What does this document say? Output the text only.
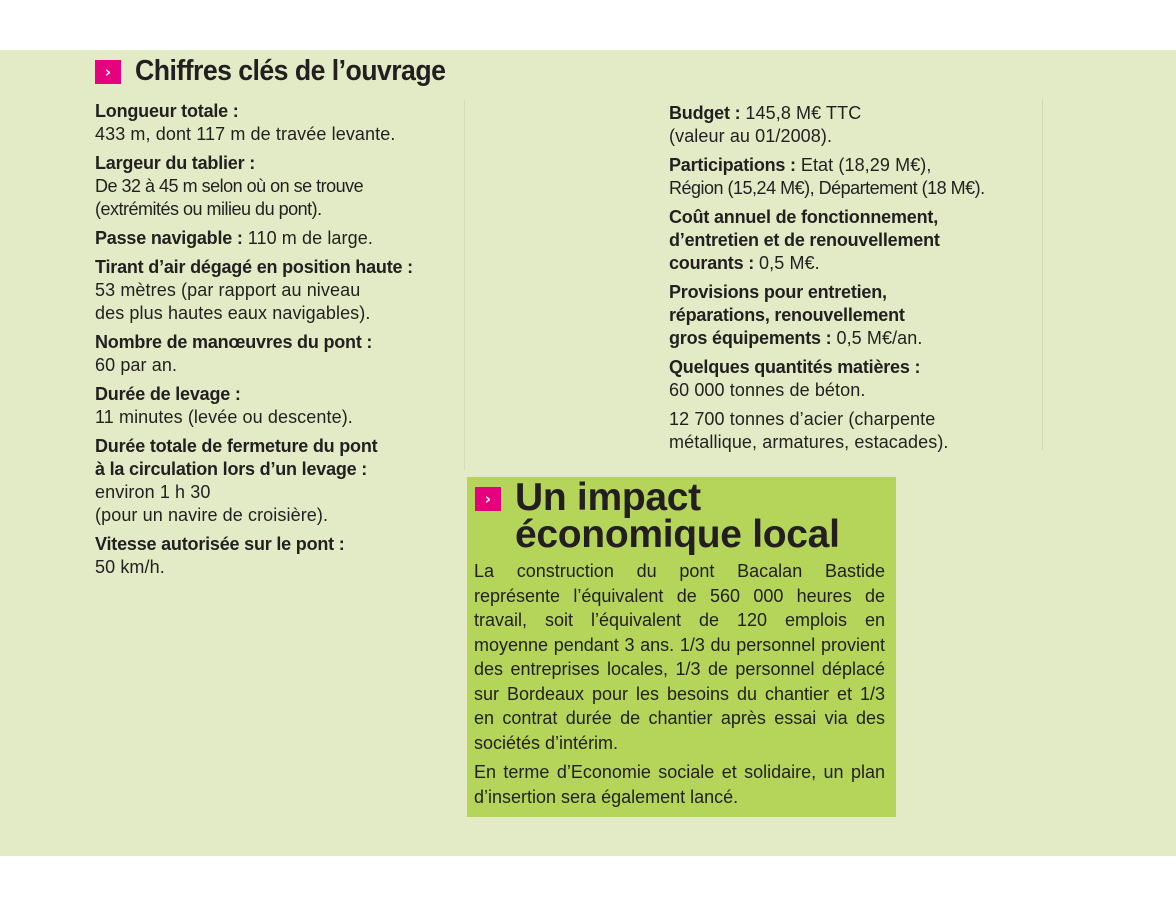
› Chiffres clés de l’ouvrage
Longueur totale :
433 m, dont 117 m de travée levante.
Largeur du tablier :
De 32 à 45 m selon où on se trouve
(extrémités ou milieu du pont).
Passe navigable : 110 m de large.
Tirant d’air dégagé en position haute :
53 mètres (par rapport au niveau
des plus hautes eaux navigables).
Nombre de manœuvres du pont :
60 par an.
Durée de levage :
11 minutes (levée ou descente).
Durée totale de fermeture du pont
à la circulation lors d’un levage :
environ 1 h 30
(pour un navire de croisière).
Vitesse autorisée sur le pont :
50 km/h.
Budget : 145,8 M€ TTC
(valeur au 01/2008).
Participations : Etat (18,29 M€),
Région (15,24 M€), Département (18 M€).
Coût annuel de fonctionnement,
d’entretien et de renouvellement
courants : 0,5 M€.
Provisions pour entretien,
réparations, renouvellement
gros équipements : 0,5 M€/an.
Quelques quantités matières :
60 000 tonnes de béton.
12 700 tonnes d’acier (charpente
métallique, armatures, estacades).
› Un impact
économique local

La construction du pont Bacalan Bastide représente l’équivalent de 560 000 heures de travail, soit l’équivalent de 120 emplois en moyenne pendant 3 ans. 1/3 du personnel provient des entreprises locales, 1/3 de personnel déplacé sur Bordeaux pour les besoins du chantier et 1/3 en contrat durée de chantier après essai via des sociétés d’intérim.

En terme d’Economie sociale et solidaire, un plan d’insertion sera également lancé.
